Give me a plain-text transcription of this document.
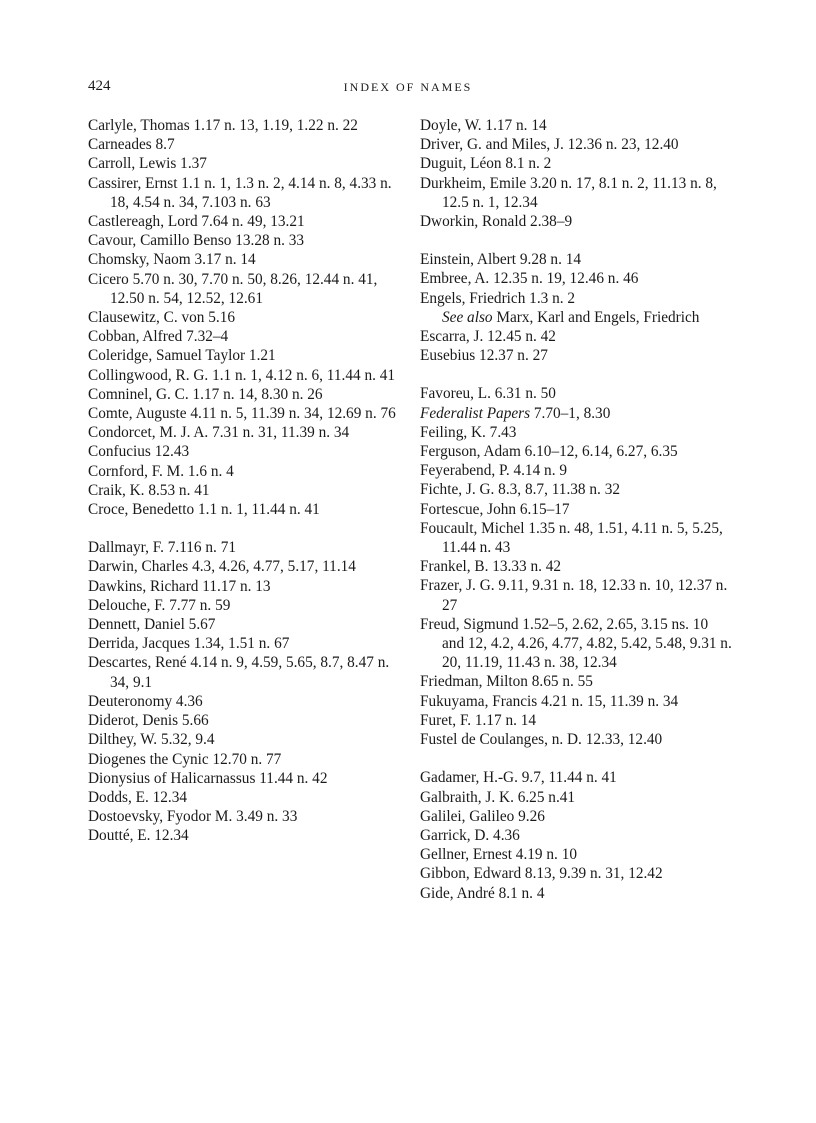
424	INDEX OF NAMES

Carlyle, Thomas 1.17 n. 13, 1.19, 1.22 n. 22

Carneades 8.7

Carroll, Lewis 1.37

Cassirer, Ernst 1.1 n. 1, 1.3 n. 2, 4.14 n. 8, 4.33 n. 18, 4.54 n. 34, 7.103 n. 63

Castlereagh, Lord 7.64 n. 49, 13.21

Cavour, Camillo Benso 13.28 n. 33

Chomsky, Naom 3.17 n. 14

Cicero 5.70 n. 30, 7.70 n. 50, 8.26, 12.44 n. 41, 12.50 n. 54, 12.52, 12.61

Clausewitz, C. von 5.16

Cobban, Alfred 7.32–4

Coleridge, Samuel Taylor 1.21

Collingwood, R. G. 1.1 n. 1, 4.12 n. 6, 11.44 n. 41

Comninel, G. C. 1.17 n. 14, 8.30 n. 26

Comte, Auguste 4.11 n. 5, 11.39 n. 34, 12.69 n. 76

Condorcet, M. J. A. 7.31 n. 31, 11.39 n. 34

Confucius 12.43

Cornford, F. M. 1.6 n. 4

Craik, K. 8.53 n. 41

Croce, Benedetto 1.1 n. 1, 11.44 n. 41

Dallmayr, F. 7.116 n. 71

Darwin, Charles 4.3, 4.26, 4.77, 5.17, 11.14

Dawkins, Richard 11.17 n. 13

Delouche, F. 7.77 n. 59

Dennett, Daniel 5.67

Derrida, Jacques 1.34, 1.51 n. 67

Descartes, René 4.14 n. 9, 4.59, 5.65, 8.7, 8.47 n. 34, 9.1

Deuteronomy 4.36

Diderot, Denis 5.66

Dilthey, W. 5.32, 9.4

Diogenes the Cynic 12.70 n. 77

Dionysius of Halicarnassus 11.44 n. 42

Dodds, E. 12.34

Dostoevsky, Fyodor M. 3.49 n. 33

Doutté, E. 12.34

Doyle, W. 1.17 n. 14

Driver, G. and Miles, J. 12.36 n. 23, 12.40

Duguit, Léon 8.1 n. 2

Durkheim, Emile 3.20 n. 17, 8.1 n. 2, 11.13 n. 8, 12.5 n. 1, 12.34

Dworkin, Ronald 2.38–9

Einstein, Albert 9.28 n. 14

Embree, A. 12.35 n. 19, 12.46 n. 46

Engels, Friedrich 1.3 n. 2

See also Marx, Karl and Engels, Friedrich

Escarra, J. 12.45 n. 42

Eusebius 12.37 n. 27

Favoreu, L. 6.31 n. 50

Federalist Papers 7.70–1, 8.30

Feiling, K. 7.43

Ferguson, Adam 6.10–12, 6.14, 6.27, 6.35

Feyerabend, P. 4.14 n. 9

Fichte, J. G. 8.3, 8.7, 11.38 n. 32

Fortescue, John 6.15–17

Foucault, Michel 1.35 n. 48, 1.51, 4.11 n. 5, 5.25, 11.44 n. 43

Frankel, B. 13.33 n. 42

Frazer, J. G. 9.11, 9.31 n. 18, 12.33 n. 10, 12.37 n. 27

Freud, Sigmund 1.52–5, 2.62, 2.65, 3.15 ns. 10 and 12, 4.2, 4.26, 4.77, 4.82, 5.42, 5.48, 9.31 n. 20, 11.19, 11.43 n. 38, 12.34

Friedman, Milton 8.65 n. 55

Fukuyama, Francis 4.21 n. 15, 11.39 n. 34

Furet, F. 1.17 n. 14

Fustel de Coulanges, n. D. 12.33, 12.40

Gadamer, H.-G. 9.7, 11.44 n. 41

Galbraith, J. K. 6.25 n.41

Galilei, Galileo 9.26

Garrick, D. 4.36

Gellner, Ernest 4.19 n. 10

Gibbon, Edward 8.13, 9.39 n. 31, 12.42

Gide, André 8.1 n. 4
